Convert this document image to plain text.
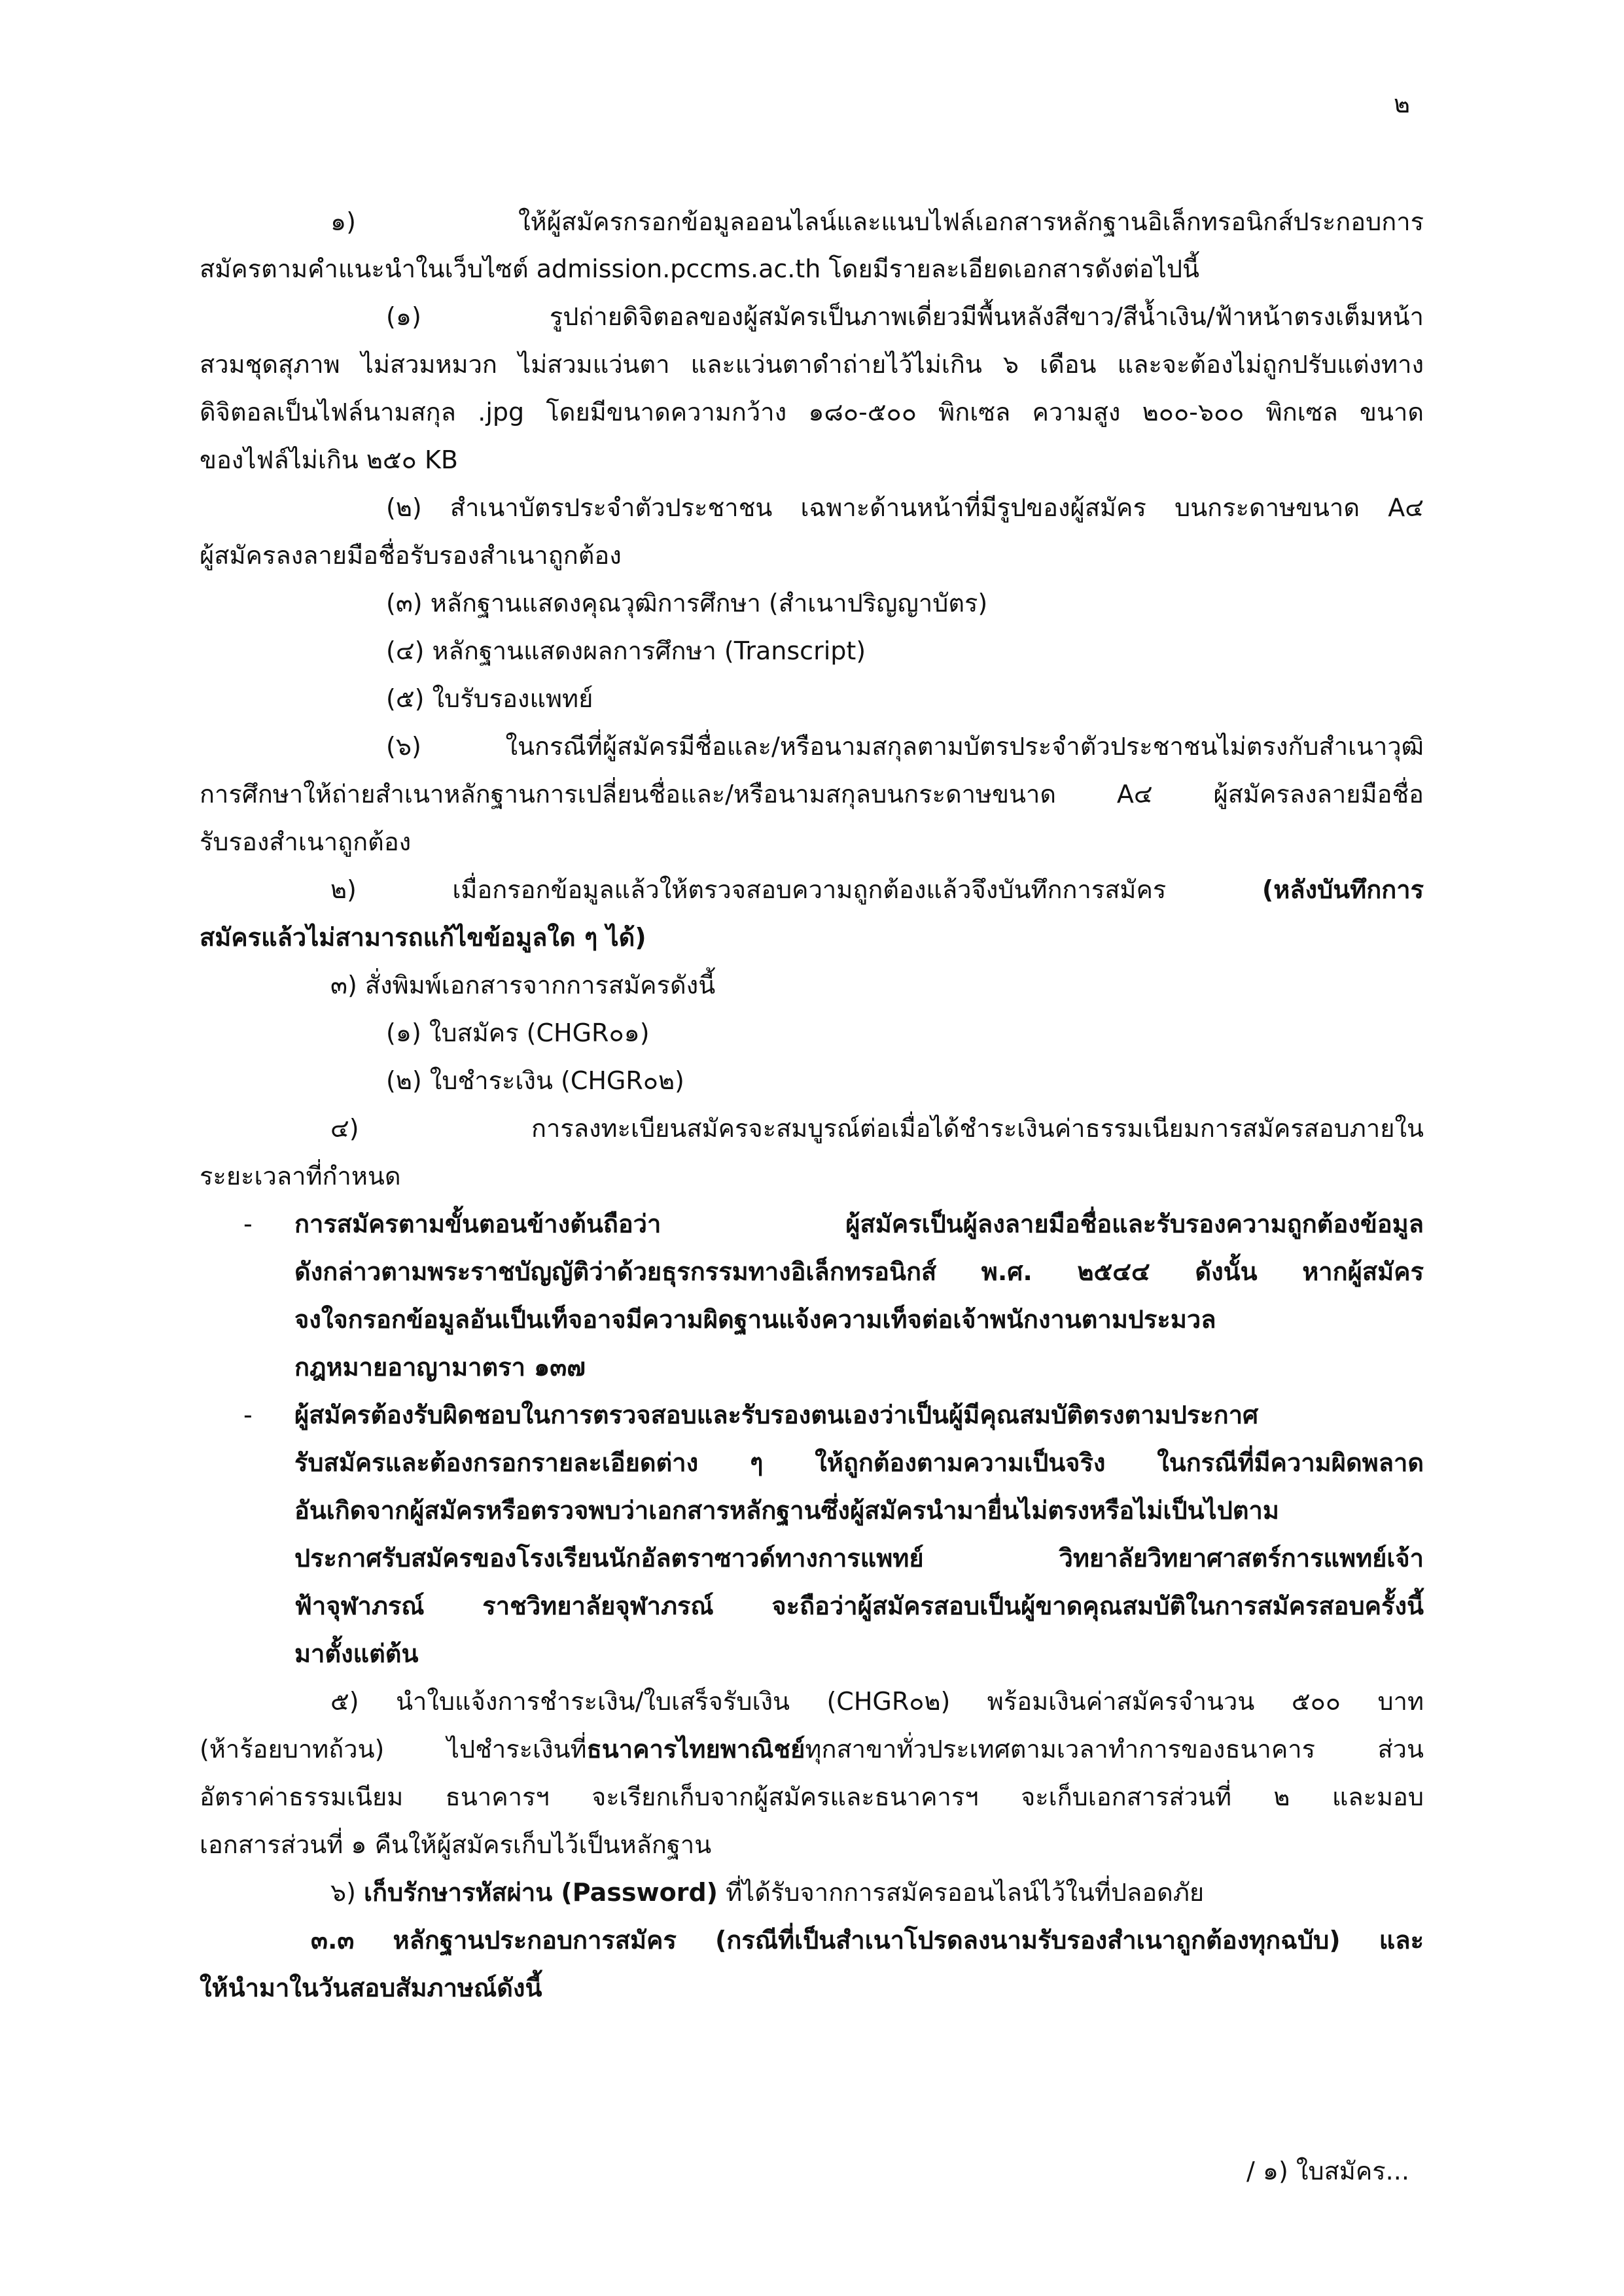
๒
๑) ให้ผู้สมัครกรอกข้อมูลออนไลน์และแนบไฟล์เอกสารหลักฐานอิเล็กทรอนิกส์ประกอบการ
สมัครตามคำแนะนำในเว็บไซต์ admission.pccms.ac.th โดยมีรายละเอียดเอกสารดังต่อไปนี้
(๑) รูปถ่ายดิจิตอลของผู้สมัครเป็นภาพเดี่ยวมีพื้นหลังสีขาว/สีน้ำเงิน/ฟ้าหน้าตรงเต็มหน้า
สวมชุดสุภาพ ไม่สวมหมวก ไม่สวมแว่นตา และแว่นตาดำถ่ายไว้ไม่เกิน ๖ เดือน และจะต้องไม่ถูกปรับแต่งทาง
ดิจิตอลเป็นไฟล์นามสกุล .jpg โดยมีขนาดความกว้าง ๑๘๐-๕๐๐ พิกเซล ความสูง ๒๐๐-๖๐๐ พิกเซล ขนาด
ของไฟล์ไม่เกิน ๒๕๐ KB
(๒) สำเนาบัตรประจำตัวประชาชน เฉพาะด้านหน้าที่มีรูปของผู้สมัคร บนกระดาษขนาด A๔
ผู้สมัครลงลายมือชื่อรับรองสำเนาถูกต้อง
(๓) หลักฐานแสดงคุณวุฒิการศึกษา (สำเนาปริญญาบัตร)
(๔) หลักฐานแสดงผลการศึกษา (Transcript)
(๕) ใบรับรองแพทย์
(๖) ในกรณีที่ผู้สมัครมีชื่อและ/หรือนามสกุลตามบัตรประจำตัวประชาชนไม่ตรงกับสำเนาวุฒิ
การศึกษาให้ถ่ายสำเนาหลักฐานการเปลี่ยนชื่อและ/หรือนามสกุลบนกระดาษขนาด A๔ ผู้สมัครลงลายมือชื่อ
รับรองสำเนาถูกต้อง
๒) เมื่อกรอกข้อมูลแล้วให้ตรวจสอบความถูกต้องแล้วจึงบันทึกการสมัคร (หลังบันทึกการ
สมัครแล้วไม่สามารถแก้ไขข้อมูลใด ๆ ได้)
๓) สั่งพิมพ์เอกสารจากการสมัครดังนี้
(๑) ใบสมัคร (CHGR๐๑)
(๒) ใบชำระเงิน (CHGR๐๒)
๔) การลงทะเบียนสมัครจะสมบูรณ์ต่อเมื่อได้ชำระเงินค่าธรรมเนียมการสมัครสอบภายใน
ระยะเวลาที่กำหนด
- การสมัครตามขั้นตอนข้างต้นถือว่า ผู้สมัครเป็นผู้ลงลายมือชื่อและรับรองความถูกต้องข้อมูล
ดังกล่าวตามพระราชบัญญัติว่าด้วยธุรกรรมทางอิเล็กทรอนิกส์ พ.ศ. ๒๕๔๔ ดังนั้น หากผู้สมัคร
จงใจกรอกข้อมูลอันเป็นเท็จอาจมีความผิดฐานแจ้งความเท็จต่อเจ้าพนักงานตามประมวล
กฎหมายอาญามาตรา ๑๓๗
- ผู้สมัครต้องรับผิดชอบในการตรวจสอบและรับรองตนเองว่าเป็นผู้มีคุณสมบัติตรงตามประกาศ
รับสมัครและต้องกรอกรายละเอียดต่าง ๆ ให้ถูกต้องตามความเป็นจริง ในกรณีที่มีความผิดพลาด
อันเกิดจากผู้สมัครหรือตรวจพบว่าเอกสารหลักฐานซึ่งผู้สมัครนำมายื่นไม่ตรงหรือไม่เป็นไปตาม
ประกาศรับสมัครของโรงเรียนนักอัลตราซาวด์ทางการแพทย์ วิทยาลัยวิทยาศาสตร์การแพทย์เจ้า
ฟ้าจุฬาภรณ์ ราชวิทยาลัยจุฬาภรณ์ จะถือว่าผู้สมัครสอบเป็นผู้ขาดคุณสมบัติในการสมัครสอบครั้งนี้
มาตั้งแต่ต้น
๕) นำใบแจ้งการชำระเงิน/ใบเสร็จรับเงิน (CHGR๐๒) พร้อมเงินค่าสมัครจำนวน ๕๐๐ บาท
(ห้าร้อยบาทถ้วน) ไปชำระเงินที่ธนาคารไทยพาณิชย์ทุกสาขาทั่วประเทศตามเวลาทำการของธนาคาร ส่วน
อัตราค่าธรรมเนียม ธนาคารฯ จะเรียกเก็บจากผู้สมัครและธนาคารฯ จะเก็บเอกสารส่วนที่ ๒ และมอบ
เอกสารส่วนที่ ๑ คืนให้ผู้สมัครเก็บไว้เป็นหลักฐาน
๖) เก็บรักษารหัสผ่าน (Password) ที่ได้รับจากการสมัครออนไลน์ไว้ในที่ปลอดภัย
๓.๓ หลักฐานประกอบการสมัคร (กรณีที่เป็นสำเนาโปรดลงนามรับรองสำเนาถูกต้องทุกฉบับ) และ
ให้นำมาในวันสอบสัมภาษณ์ดังนี้
/ ๑) ใบสมัคร...
